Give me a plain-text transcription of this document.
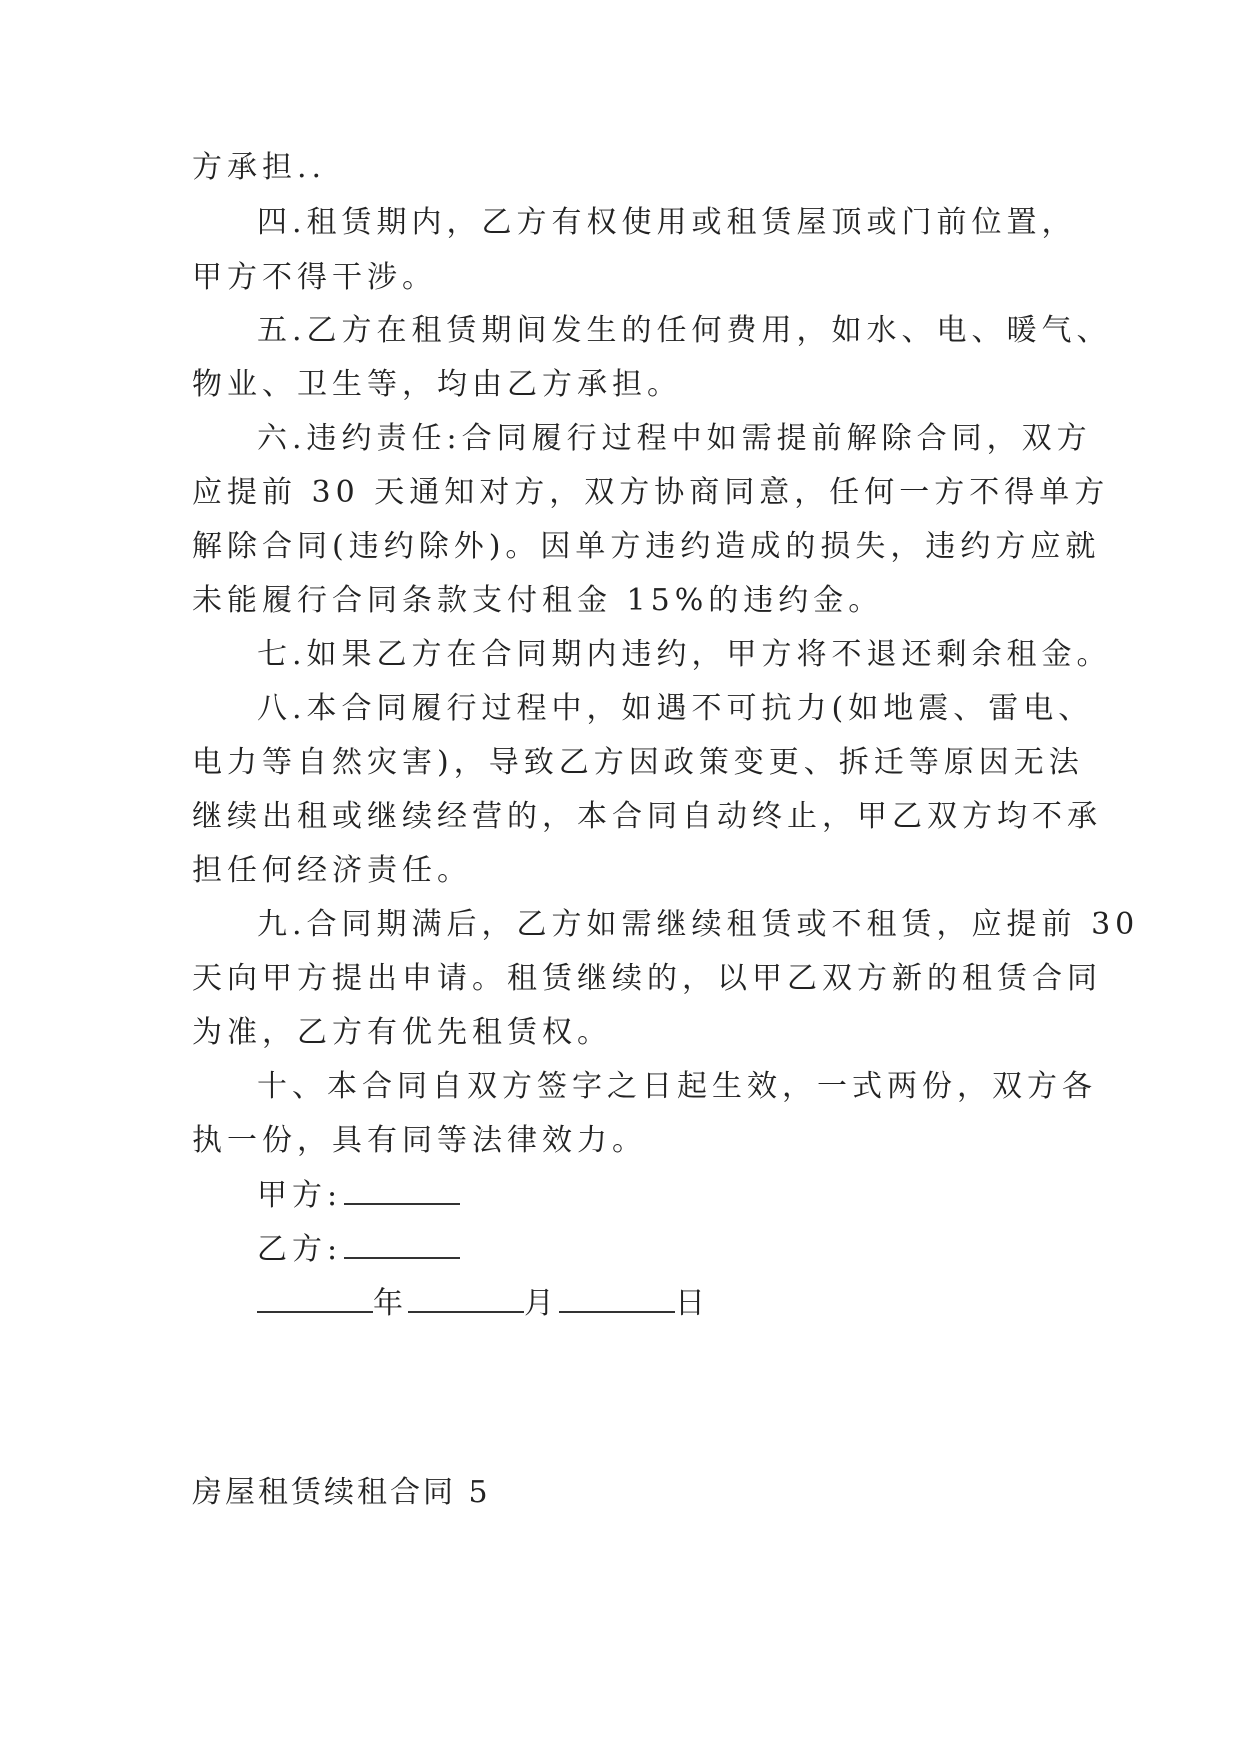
方承担..

四.租赁期内，乙方有权使用或租赁屋顶或门前位置，

甲方不得干涉。

五.乙方在租赁期间发生的任何费用，如水、电、暖气、

物业、卫生等，均由乙方承担。

六.违约责任:合同履行过程中如需提前解除合同，双方

应提前 30 天通知对方，双方协商同意，任何一方不得单方

解除合同(违约除外)。因单方违约造成的损失，违约方应就

未能履行合同条款支付租金 15%的违约金。

七.如果乙方在合同期内违约，甲方将不退还剩余租金。

八.本合同履行过程中，如遇不可抗力(如地震、雷电、

电力等自然灾害)，导致乙方因政策变更、拆迁等原因无法

继续出租或继续经营的，本合同自动终止，甲乙双方均不承

担任何经济责任。

九.合同期满后，乙方如需继续租赁或不租赁，应提前 30

天向甲方提出申请。租赁继续的，以甲乙双方新的租赁合同

为准，乙方有优先租赁权。

十、本合同自双方签字之日起生效，一式两份，双方各

执一份，具有同等法律效力。

甲方:
乙方:
年	月	日

房屋租赁续租合同 5
